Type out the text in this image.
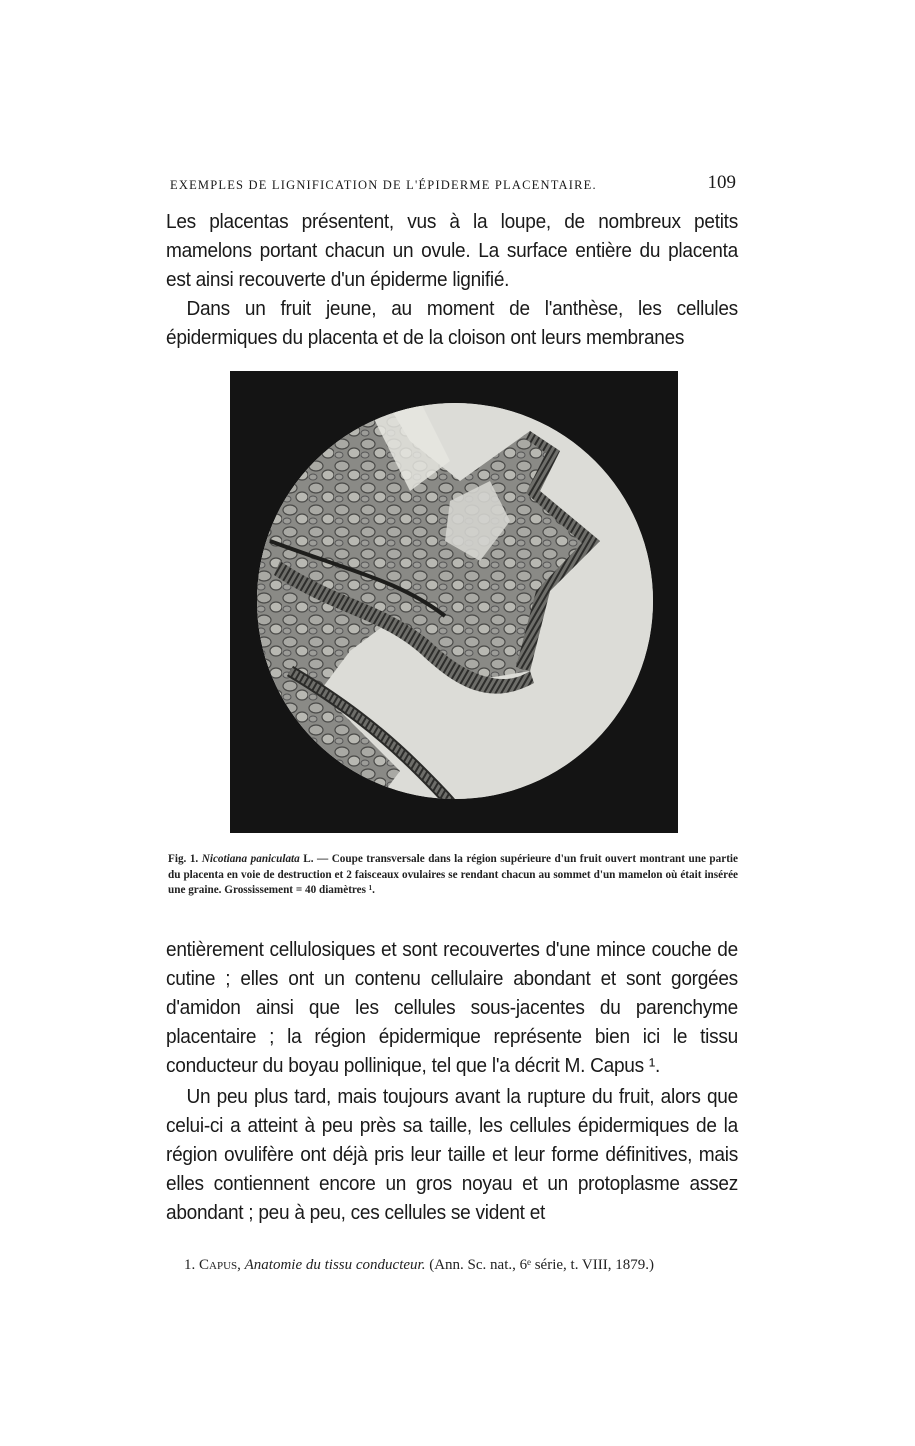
EXEMPLES DE LIGNIFICATION DE L'ÉPIDERME PLACENTAIRE.	109
Les placentas présentent, vus à la loupe, de nombreux petits mamelons portant chacun un ovule. La surface entière du placenta est ainsi recouverte d'un épiderme lignifié.
Dans un fruit jeune, au moment de l'anthèse, les cellules épidermiques du placenta et de la cloison ont leurs membranes
Fig. 1. Nicotiana paniculata L. — Coupe transversale dans la région supérieure d'un fruit ouvert montrant une partie du placenta en voie de destruction et 2 faisceaux ovulaires se rendant chacun au sommet d'un mamelon où était insérée une graine. Grossissement = 40 diamètres ¹.
entièrement cellulosiques et sont recouvertes d'une mince couche de cutine ; elles ont un contenu cellulaire abondant et sont gorgées d'amidon ainsi que les cellules sous-jacentes du parenchyme placentaire ; la région épidermique représente bien ici le tissu conducteur du boyau pollinique, tel que l'a décrit M. Capus ¹.
Un peu plus tard, mais toujours avant la rupture du fruit, alors que celui-ci a atteint à peu près sa taille, les cellules épidermiques de la région ovulifère ont déjà pris leur taille et leur forme définitives, mais elles contiennent encore un gros noyau et un protoplasme assez abondant ; peu à peu, ces cellules se vident et
1. Capus, Anatomie du tissu conducteur. (Ann. Sc. nat., 6ᵉ série, t. VIII, 1879.)
